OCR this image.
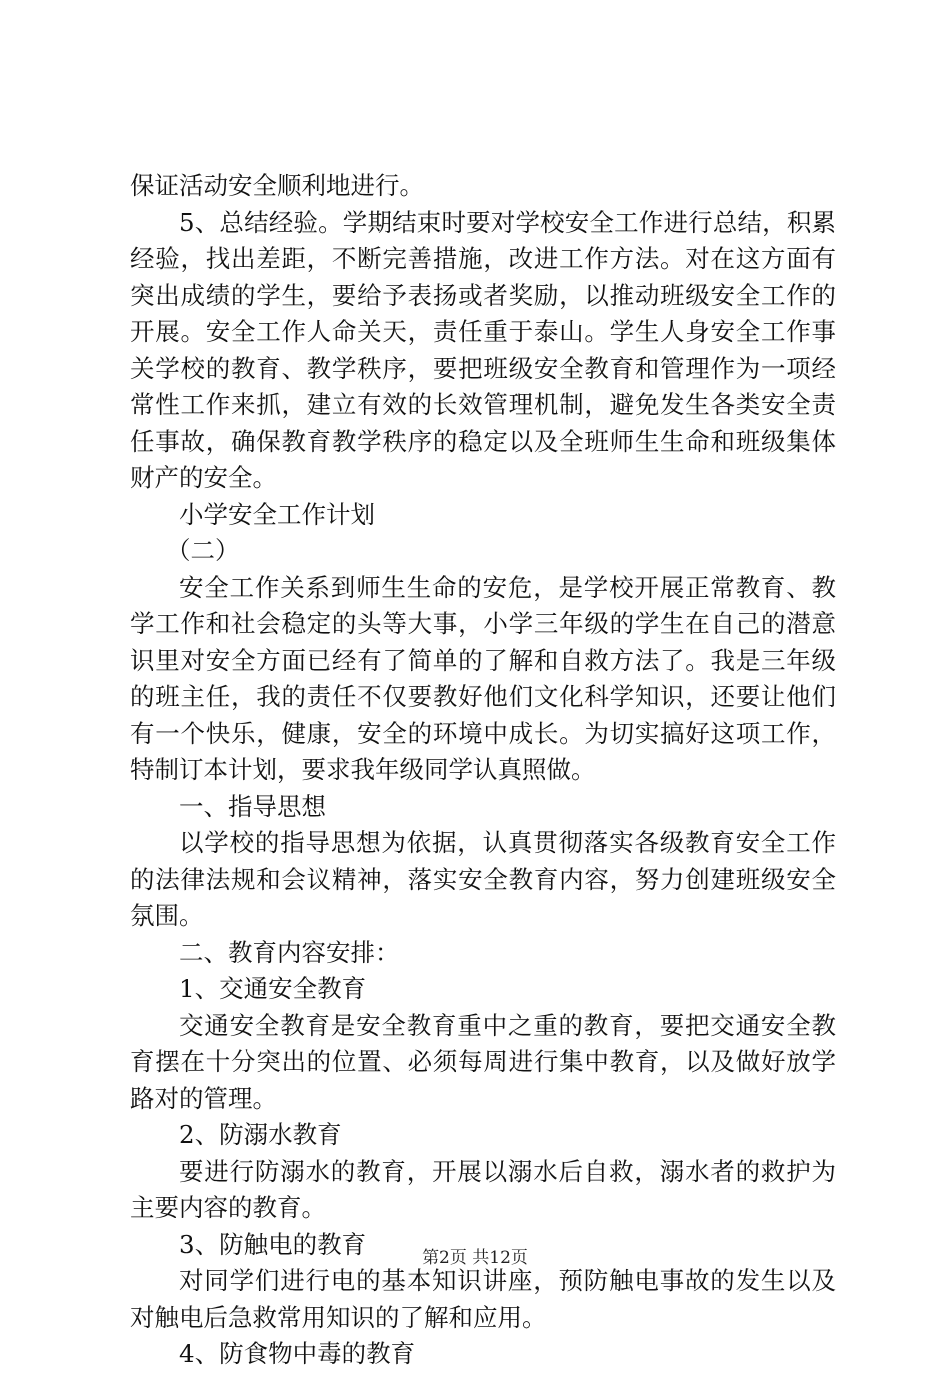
保证活动安全顺利地进行。

5、总结经验。学期结束时要对学校安全工作进行总结，积累经验，找出差距，不断完善措施，改进工作方法。对在这方面有突出成绩的学生，要给予表扬或者奖励，以推动班级安全工作的开展。安全工作人命关天，责任重于泰山。学生人身安全工作事关学校的教育、教学秩序，要把班级安全教育和管理作为一项经常性工作来抓，建立有效的长效管理机制，避免发生各类安全责任事故，确保教育教学秩序的稳定以及全班师生生命和班级集体财产的安全。

小学安全工作计划

（二）

安全工作关系到师生生命的安危，是学校开展正常教育、教学工作和社会稳定的头等大事，小学三年级的学生在自己的潜意识里对安全方面已经有了简单的了解和自救方法了。我是三年级的班主任，我的责任不仅要教好他们文化科学知识，还要让他们有一个快乐，健康，安全的环境中成长。为切实搞好这项工作，特制订本计划，要求我年级同学认真照做。

一、指导思想

以学校的指导思想为依据，认真贯彻落实各级教育安全工作的法律法规和会议精神，落实安全教育内容，努力创建班级安全氛围。

二、教育内容安排：

1、交通安全教育

交通安全教育是安全教育重中之重的教育，要把交通安全教育摆在十分突出的位置、必须每周进行集中教育，以及做好放学路对的管理。

2、防溺水教育

要进行防溺水的教育，开展以溺水后自救，溺水者的救护为主要内容的教育。

3、防触电的教育

对同学们进行电的基本知识讲座，预防触电事故的发生以及对触电后急救常用知识的了解和应用。

4、防食物中毒的教育

第2页 共12页
